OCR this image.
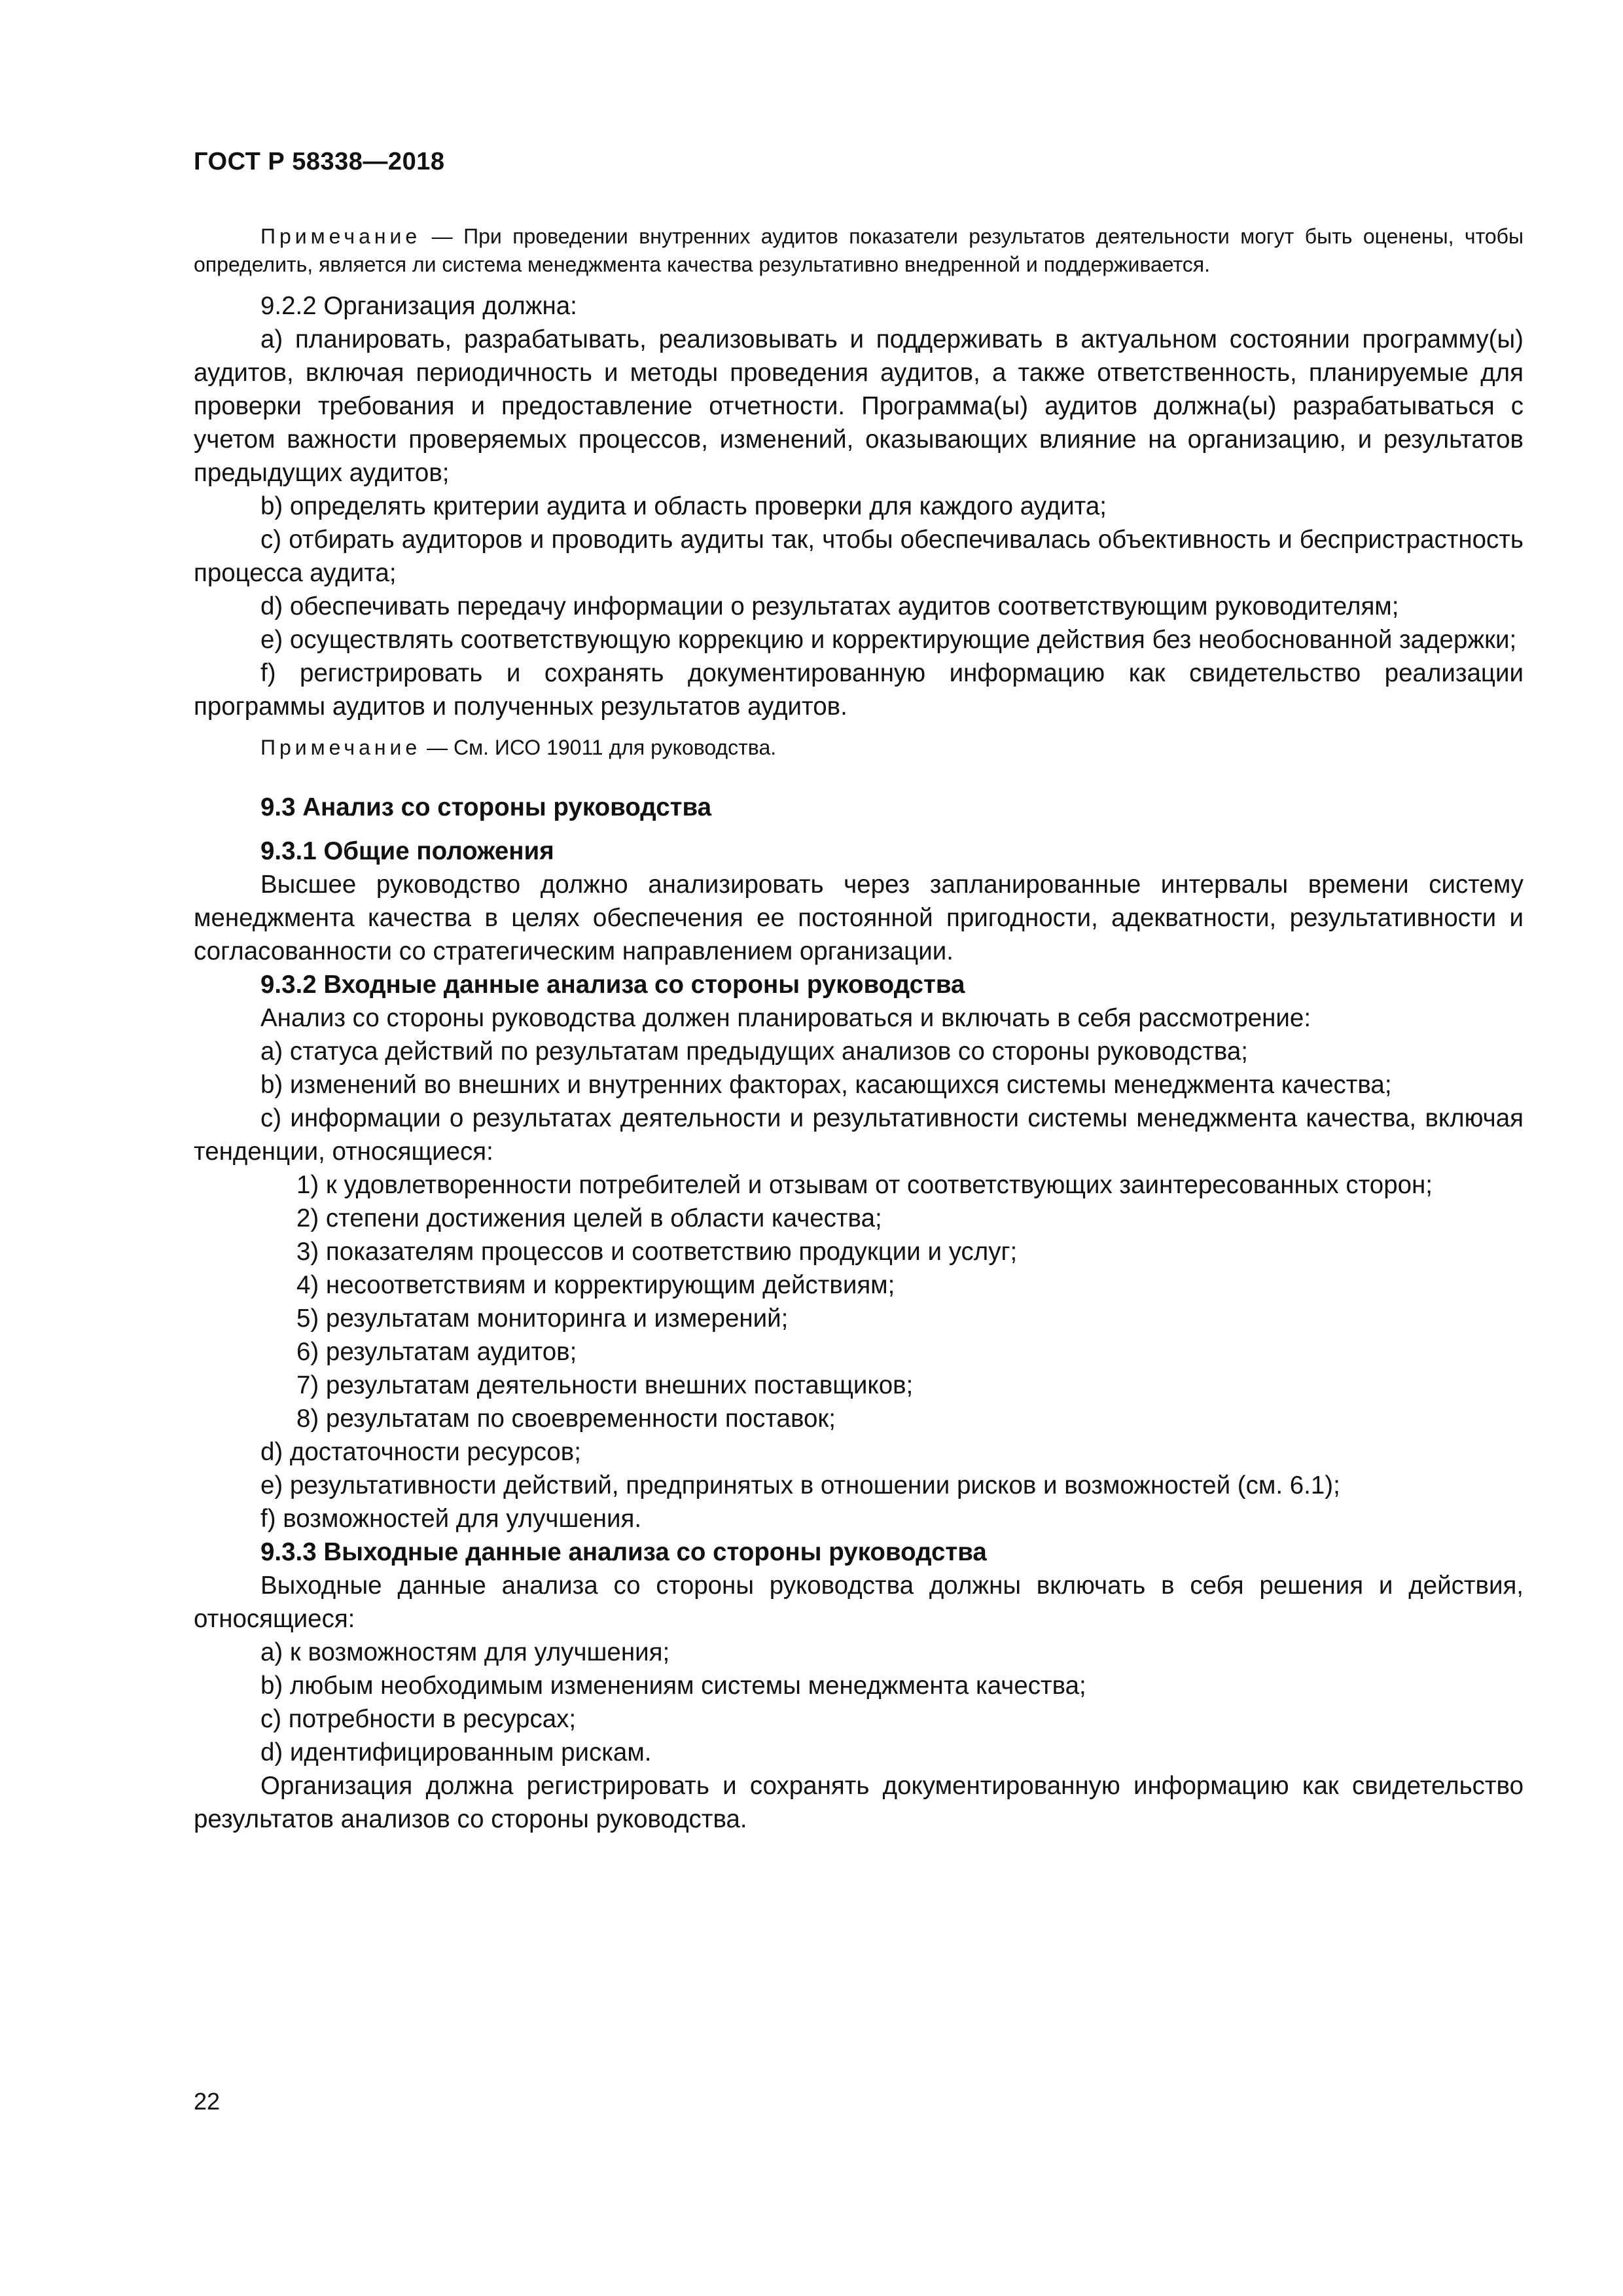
ГОСТ Р 58338—2018

Примечание — При проведении внутренних аудитов показатели результатов деятельности могут быть оценены, чтобы определить, является ли система менеджмента качества результативно внедренной и поддерживается.

9.2.2 Организация должна:

a) планировать, разрабатывать, реализовывать и поддерживать в актуальном состоянии программу(ы) аудитов, включая периодичность и методы проведения аудитов, а также ответственность, планируемые для проверки требования и предоставление отчетности. Программа(ы) аудитов должна(ы) разрабатываться с учетом важности проверяемых процессов, изменений, оказывающих влияние на организацию, и результатов предыдущих аудитов;

b) определять критерии аудита и область проверки для каждого аудита;

c) отбирать аудиторов и проводить аудиты так, чтобы обеспечивалась объективность и беспристрастность процесса аудита;

d) обеспечивать передачу информации о результатах аудитов соответствующим руководителям;

e) осуществлять соответствующую коррекцию и корректирующие действия без необоснованной задержки;

f) регистрировать и сохранять документированную информацию как свидетельство реализации программы аудитов и полученных результатов аудитов.

Примечание — См. ИСО 19011 для руководства.

9.3 Анализ со стороны руководства

9.3.1 Общие положения

Высшее руководство должно анализировать через запланированные интервалы времени систему менеджмента качества в целях обеспечения ее постоянной пригодности, адекватности, результативности и согласованности со стратегическим направлением организации.

9.3.2 Входные данные анализа со стороны руководства

Анализ со стороны руководства должен планироваться и включать в себя рассмотрение:

a) статуса действий по результатам предыдущих анализов со стороны руководства;

b) изменений во внешних и внутренних факторах, касающихся системы менеджмента качества;

c) информации о результатах деятельности и результативности системы менеджмента качества, включая тенденции, относящиеся:

1) к удовлетворенности потребителей и отзывам от соответствующих заинтересованных сторон;

2) степени достижения целей в области качества;

3) показателям процессов и соответствию продукции и услуг;

4) несоответствиям и корректирующим действиям;

5) результатам мониторинга и измерений;

6) результатам аудитов;

7) результатам деятельности внешних поставщиков;

8) результатам по своевременности поставок;

d) достаточности ресурсов;

e) результативности действий, предпринятых в отношении рисков и возможностей (см. 6.1);

f) возможностей для улучшения.

9.3.3 Выходные данные анализа со стороны руководства

Выходные данные анализа со стороны руководства должны включать в себя решения и действия, относящиеся:

a) к возможностям для улучшения;

b) любым необходимым изменениям системы менеджмента качества;

c) потребности в ресурсах;

d) идентифицированным рискам.

Организация должна регистрировать и сохранять документированную информацию как свидетельство результатов анализов со стороны руководства.

22
